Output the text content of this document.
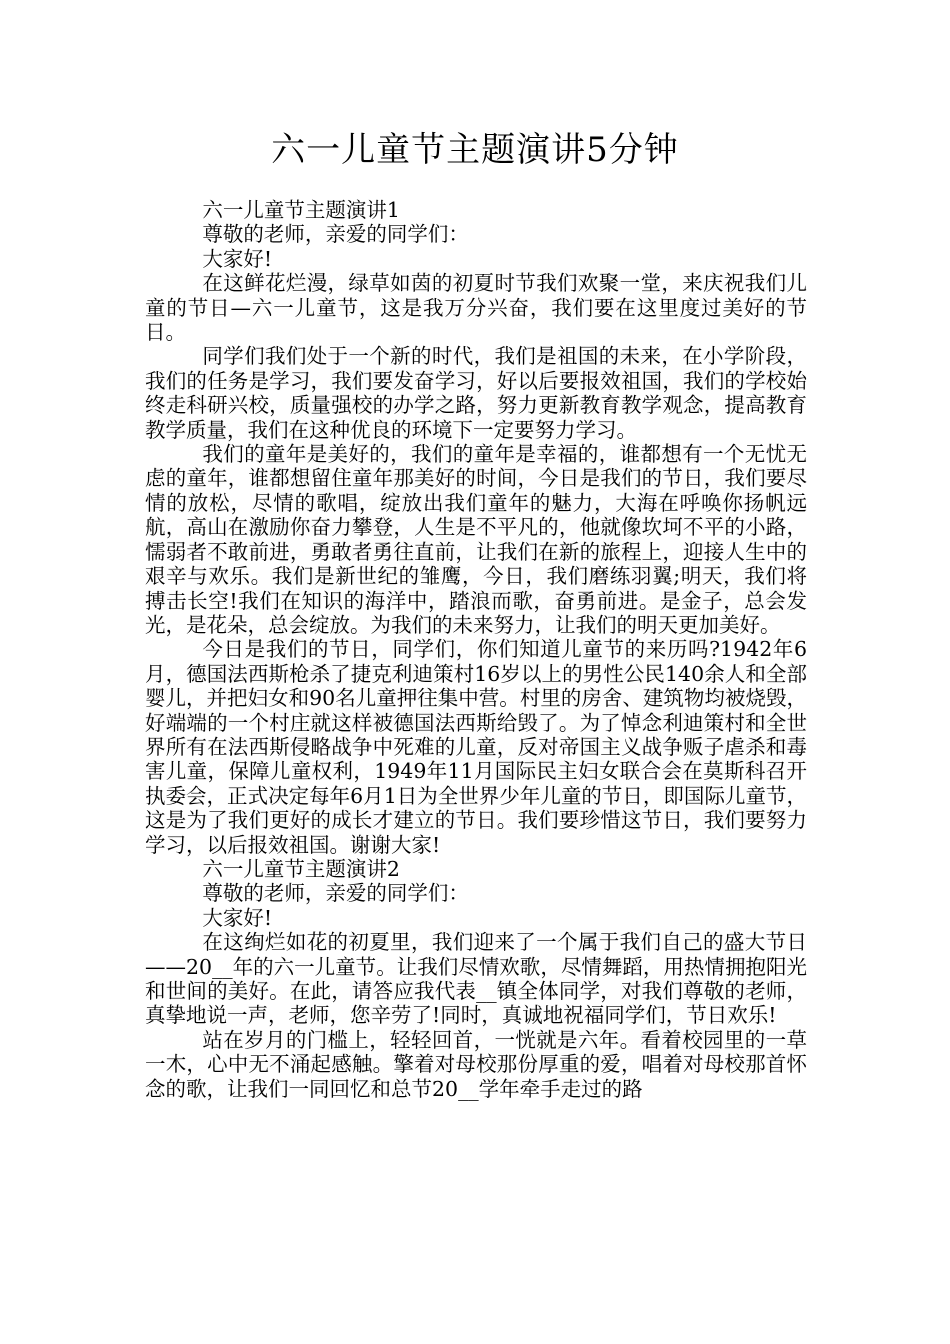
六一儿童节主题演讲5分钟

六一儿童节主题演讲1

尊敬的老师，亲爱的同学们：

大家好!

在这鲜花烂漫，绿草如茵的初夏时节我们欢聚一堂，来庆祝我们儿童的节日—六一儿童节，这是我万分兴奋，我们要在这里度过美好的节日。

同学们我们处于一个新的时代，我们是祖国的未来，在小学阶段，我们的任务是学习，我们要发奋学习，好以后要报效祖国，我们的学校始终走科研兴校，质量强校的办学之路，努力更新教育教学观念，提高教育教学质量，我们在这种优良的环境下一定要努力学习。

我们的童年是美好的，我们的童年是幸福的，谁都想有一个无忧无虑的童年，谁都想留住童年那美好的时间，今日是我们的节日，我们要尽情的放松，尽情的歌唱，绽放出我们童年的魅力，大海在呼唤你扬帆远航，高山在激励你奋力攀登，人生是不平凡的，他就像坎坷不平的小路，懦弱者不敢前进，勇敢者勇往直前，让我们在新的旅程上，迎接人生中的艰辛与欢乐。我们是新世纪的雏鹰，今日，我们磨练羽翼;明天，我们将搏击长空!我们在知识的海洋中，踏浪而歌，奋勇前进。是金子，总会发光，是花朵，总会绽放。为我们的未来努力，让我们的明天更加美好。

今日是我们的节日，同学们，你们知道儿童节的来历吗?1942年6月，德国法西斯枪杀了捷克利迪策村16岁以上的男性公民140余人和全部婴儿，并把妇女和90名儿童押往集中营。村里的房舍、建筑物均被烧毁，好端端的一个村庄就这样被德国法西斯给毁了。为了悼念利迪策村和全世界所有在法西斯侵略战争中死难的儿童，反对帝国主义战争贩子虐杀和毒害儿童，保障儿童权利，1949年11月国际民主妇女联合会在莫斯科召开执委会，正式决定每年6月1日为全世界少年儿童的节日，即国际儿童节，这是为了我们更好的成长才建立的节日。我们要珍惜这节日，我们要努力学习，以后报效祖国。谢谢大家!

六一儿童节主题演讲2

尊敬的老师，亲爱的同学们：

大家好!

在这绚烂如花的初夏里，我们迎来了一个属于我们自己的盛大节日——20__年的六一儿童节。让我们尽情欢歌，尽情舞蹈，用热情拥抱阳光和世间的美好。在此，请答应我代表__镇全体同学，对我们尊敬的老师，真挚地说一声，老师，您辛劳了!同时，真诚地祝福同学们，节日欢乐!

站在岁月的门槛上，轻轻回首，一恍就是六年。看着校园里的一草一木，心中无不涌起感触。擎着对母校那份厚重的爱，唱着对母校那首怀念的歌，让我们一同回忆和总节20__学年牵手走过的路
